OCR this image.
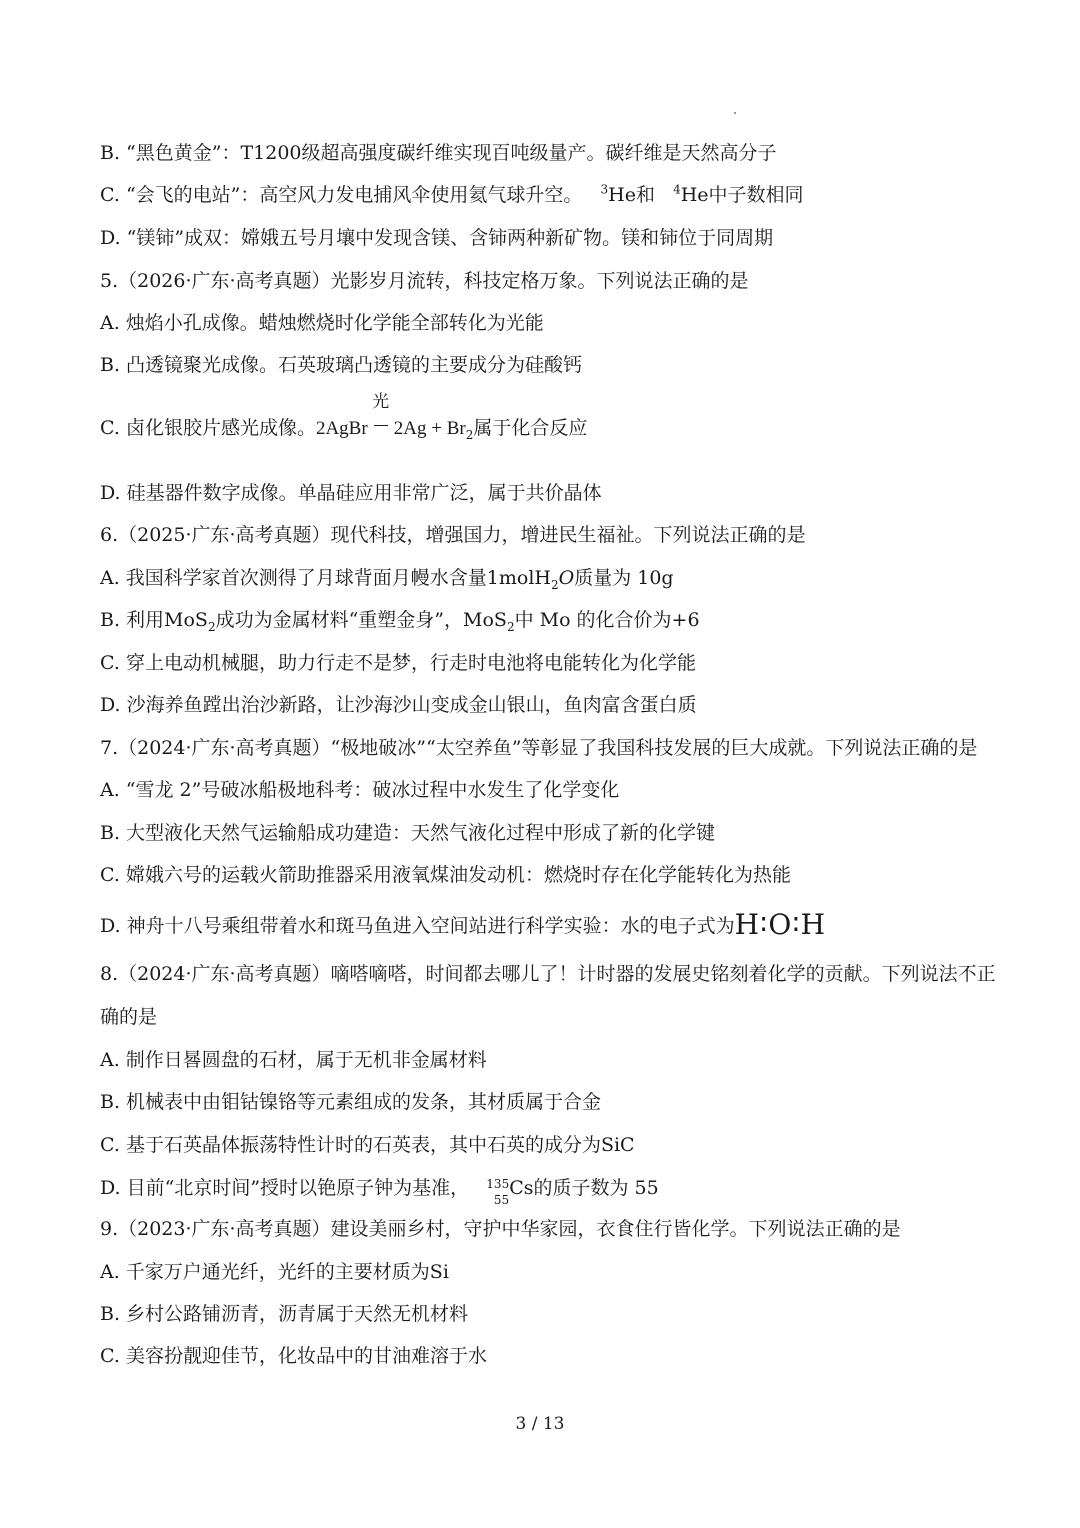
B. “黑色黄金”：T1200级超高强度碳纤维实现百吨级量产。碳纤维是天然高分子
C. “会飞的电站”：高空风力发电捕风伞使用氦气球升空。 $^3$He和 $^4$He中子数相同
D. “镁铈”成双：嫦娥五号月壤中发现含镁、含铈两种新矿物。镁和铈位于同周期
5.（2026·广东·高考真题）光影岁月流转，科技定格万象。下列说法正确的是
A. 烛焰小孔成像。蜡烛燃烧时化学能全部转化为光能
B. 凸透镜聚光成像。石英玻璃凸透镜的主要成分为硅酸钙
C. 卤化银胶片感光成像。2AgBr
光
$2Ag + Br_2$属于化合反应
D. 硅基器件数字成像。单晶硅应用非常广泛，属于共价晶体
6.（2025·广东·高考真题）现代科技，增强国力，增进民生福祉。下列说法正确的是
A. 我国科学家首次测得了月球背面月幔水含量1molH$_2$O质量为 10g
B. 利用MoS$_2$成功为金属材料“重塑金身”，MoS$_2$中 Mo 的化合价为+6
C. 穿上电动机械腿，助力行走不是梦，行走时电池将电能转化为化学能
D. 沙海养鱼蹚出治沙新路，让沙海沙山变成金山银山，鱼肉富含蛋白质
7.（2024·广东·高考真题）“极地破冰”“太空养鱼”等彰显了我国科技发展的巨大成就。下列说法正确的是
A. “雪龙 2”号破冰船极地科考：破冰过程中水发生了化学变化
B. 大型液化天然气运输船成功建造：天然气液化过程中形成了新的化学键
C. 嫦娥六号的运载火箭助推器采用液氧煤油发动机：燃烧时存在化学能转化为热能
D. 神舟十八号乘组带着水和斑马鱼进入空间站进行科学实验：水的电子式为H∶O∶H
8.（2024·广东·高考真题）嘀嗒嘀嗒，时间都去哪儿了！计时器的发展史铭刻着化学的贡献。下列说法不正
确的是
A. 制作日晷圆盘的石材，属于无机非金属材料
B. 机械表中由钼钴镍铬等元素组成的发条，其材质属于合金
C. 基于石英晶体振荡特性计时的石英表，其中石英的成分为SiC
D. 目前“北京时间”授时以铯原子钟为基准， 135
55
Cs的质子数为 55
9.（2023·广东·高考真题）建设美丽乡村，守护中华家园，衣食住行皆化学。下列说法正确的是
A. 千家万户通光纤，光纤的主要材质为Si
B. 乡村公路铺沥青，沥青属于天然无机材料
C. 美容扮靓迎佳节，化妆品中的甘油难溶于水
3 / 13
